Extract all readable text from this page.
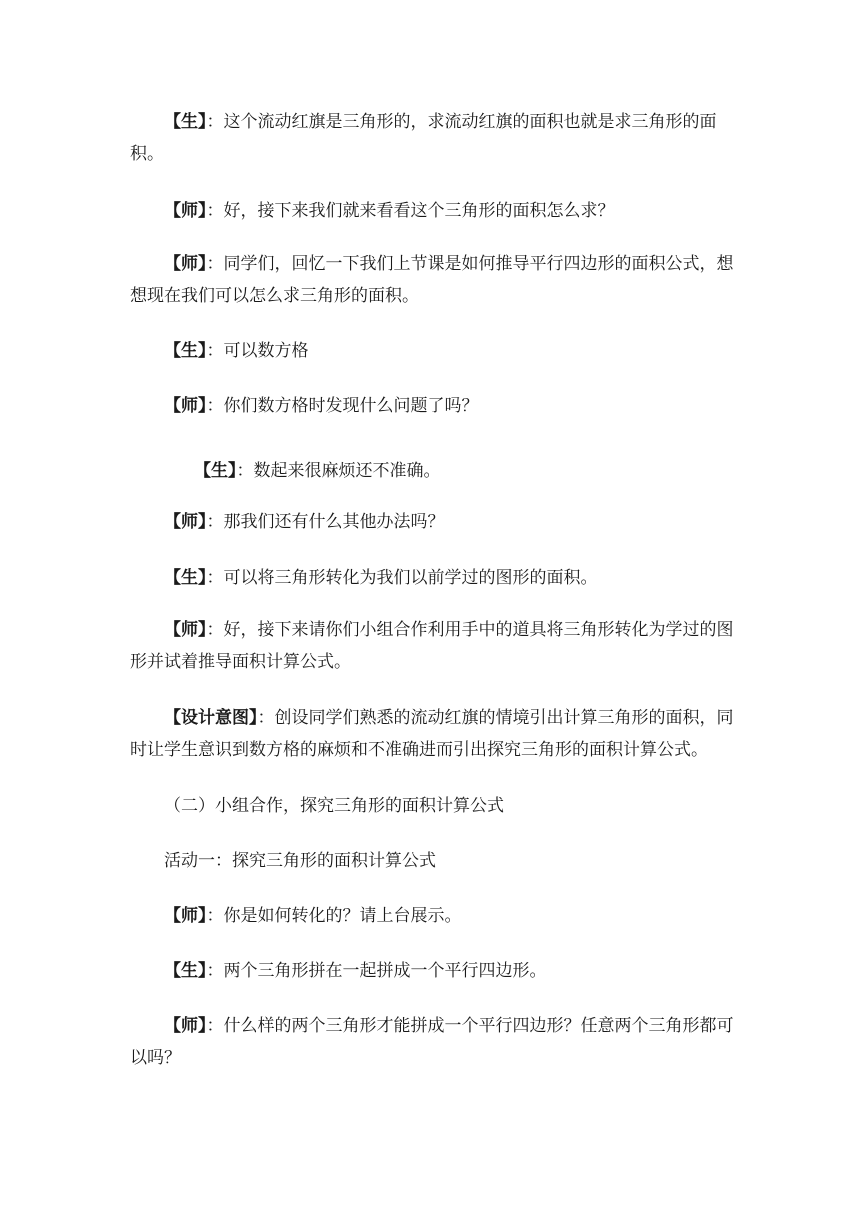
【生】：这个流动红旗是三角形的，求流动红旗的面积也就是求三角形的面积。

【师】：好，接下来我们就来看看这个三角形的面积怎么求？

【师】：同学们，回忆一下我们上节课是如何推导平行四边形的面积公式，想想现在我们可以怎么求三角形的面积。

【生】：可以数方格

【师】：你们数方格时发现什么问题了吗？

【生】：数起来很麻烦还不准确。

【师】：那我们还有什么其他办法吗？

【生】：可以将三角形转化为我们以前学过的图形的面积。

【师】：好，接下来请你们小组合作利用手中的道具将三角形转化为学过的图形并试着推导面积计算公式。

【设计意图】：创设同学们熟悉的流动红旗的情境引出计算三角形的面积，同时让学生意识到数方格的麻烦和不准确进而引出探究三角形的面积计算公式。

（二）小组合作，探究三角形的面积计算公式

活动一：探究三角形的面积计算公式

【师】：你是如何转化的？请上台展示。

【生】：两个三角形拼在一起拼成一个平行四边形。

【师】：什么样的两个三角形才能拼成一个平行四边形？任意两个三角形都可以吗？
